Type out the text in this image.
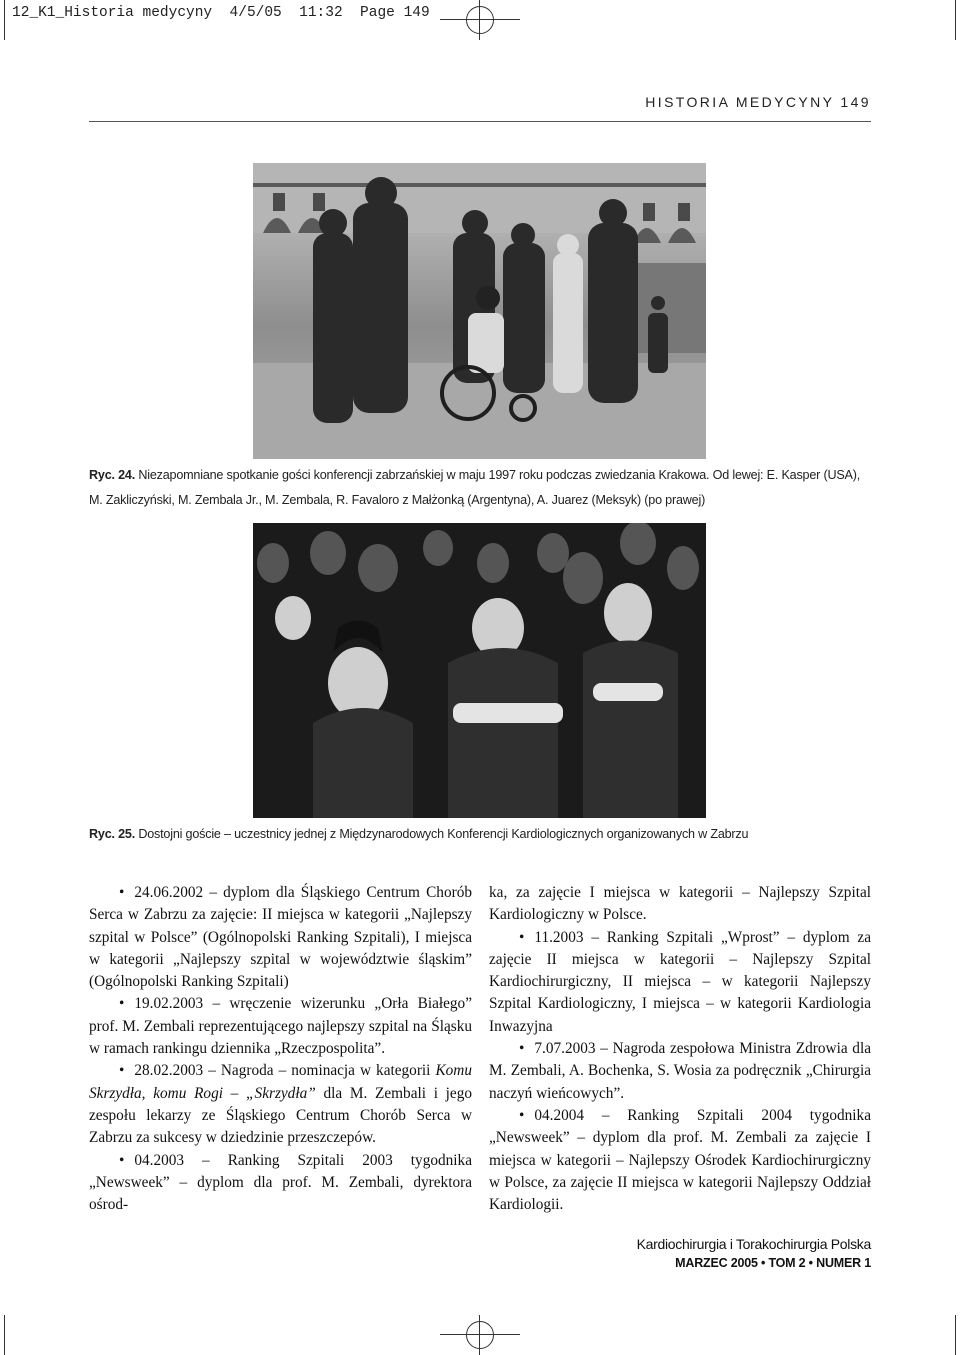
12_K1_Historia medycyny  4/5/05  11:32  Page 149
HISTORIA MEDYCYNY 149
Ryc. 24. Niezapomniane spotkanie gości konferencji zabrzańskiej w maju 1997 roku podczas zwiedzania Krakowa. Od lewej: E. Kasper (USA), M. Zakliczyński, M. Zembala Jr., M. Zembala, R. Favaloro z Małżonką (Argentyna), A. Juarez (Meksyk) (po prawej)
Ryc. 25. Dostojni goście – uczestnicy jednej z Międzynarodowych Konferencji Kardiologicznych organizowanych w Zabrzu

• 24.06.2002 – dyplom dla Śląskiego Centrum Chorób Serca w Zabrzu za zajęcie: II miejsca w kategorii „Najlepszy szpital w Polsce” (Ogólnopolski Ranking Szpitali), I miejsca w kategorii „Najlepszy szpital w województwie śląskim” (Ogólnopolski Ranking Szpitali)

• 19.02.2003 – wręczenie wizerunku „Orła Białego” prof. M. Zembali reprezentującego najlepszy szpital na Śląsku w ramach rankingu dziennika „Rzeczpospolita”.

• 28.02.2003 – Nagroda – nominacja w kategorii Komu Skrzydła, komu Rogi – „Skrzydła” dla M. Zembali i jego zespołu lekarzy ze Śląskiego Centrum Chorób Serca w Zabrzu za sukcesy w dziedzinie przeszczepów.

• 04.2003 – Ranking Szpitali 2003 tygodnika „Newsweek” – dyplom dla prof. M. Zembali, dyrektora ośrod-

ka, za zajęcie I miejsca w kategorii – Najlepszy Szpital Kardiologiczny w Polsce.

• 11.2003 – Ranking Szpitali „Wprost” – dyplom za zajęcie II miejsca w kategorii – Najlepszy Szpital Kardiochirurgiczny, II miejsca – w kategorii Najlepszy Szpital Kardiologiczny, I miejsca – w kategorii Kardiologia Inwazyjna

• 7.07.2003 – Nagroda zespołowa Ministra Zdrowia dla M. Zembali, A. Bochenka, S. Wosia za podręcznik „Chirurgia naczyń wieńcowych”.

• 04.2004 – Ranking Szpitali 2004 tygodnika „Newsweek” – dyplom dla prof. M. Zembali za zajęcie I miejsca w kategorii – Najlepszy Ośrodek Kardiochirurgiczny w Polsce, za zajęcie II miejsca w kategorii Najlepszy Oddział Kardiologii.

Kardiochirurgia i Torakochirurgia Polska
MARZEC 2005 • TOM 2 • NUMER 1
